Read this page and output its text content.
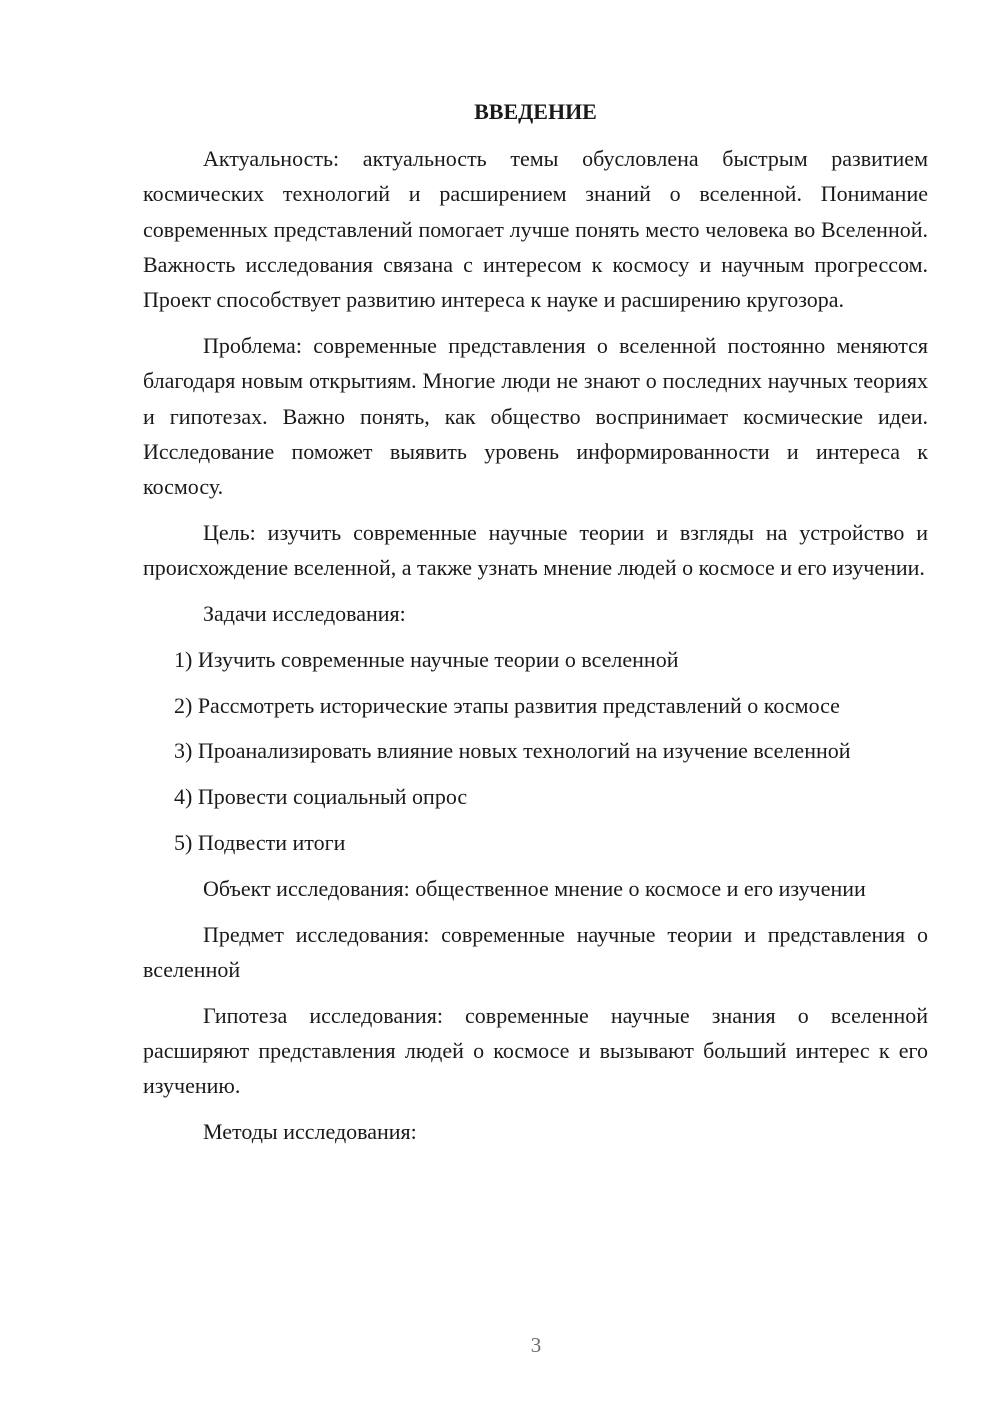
ВВЕДЕНИЕ

Актуальность: актуальность темы обусловлена быстрым развитием космических технологий и расширением знаний о вселенной. Понимание современных представлений помогает лучше понять место человека во Вселенной. Важность исследования связана с интересом к космосу и научным прогрессом. Проект способствует развитию интереса к науке и расширению кругозора.

Проблема: современные представления о вселенной постоянно меняются благодаря новым открытиям. Многие люди не знают о последних научных теориях и гипотезах. Важно понять, как общество воспринимает космические идеи. Исследование поможет выявить уровень информированности и интереса к космосу.

Цель: изучить современные научные теории и взгляды на устройство и происхождение вселенной, а также узнать мнение людей о космосе и его изучении.

Задачи исследования:

1) Изучить современные научные теории о вселенной

2) Рассмотреть исторические этапы развития представлений о космосе

3) Проанализировать влияние новых технологий на изучение вселенной

4) Провести социальный опрос

5) Подвести итоги

Объект исследования: общественное мнение о космосе и его изучении

Предмет исследования: современные научные теории и представления о вселенной

Гипотеза исследования: современные научные знания о вселенной расширяют представления людей о космосе и вызывают больший интерес к его изучению.

Методы исследования:

3
